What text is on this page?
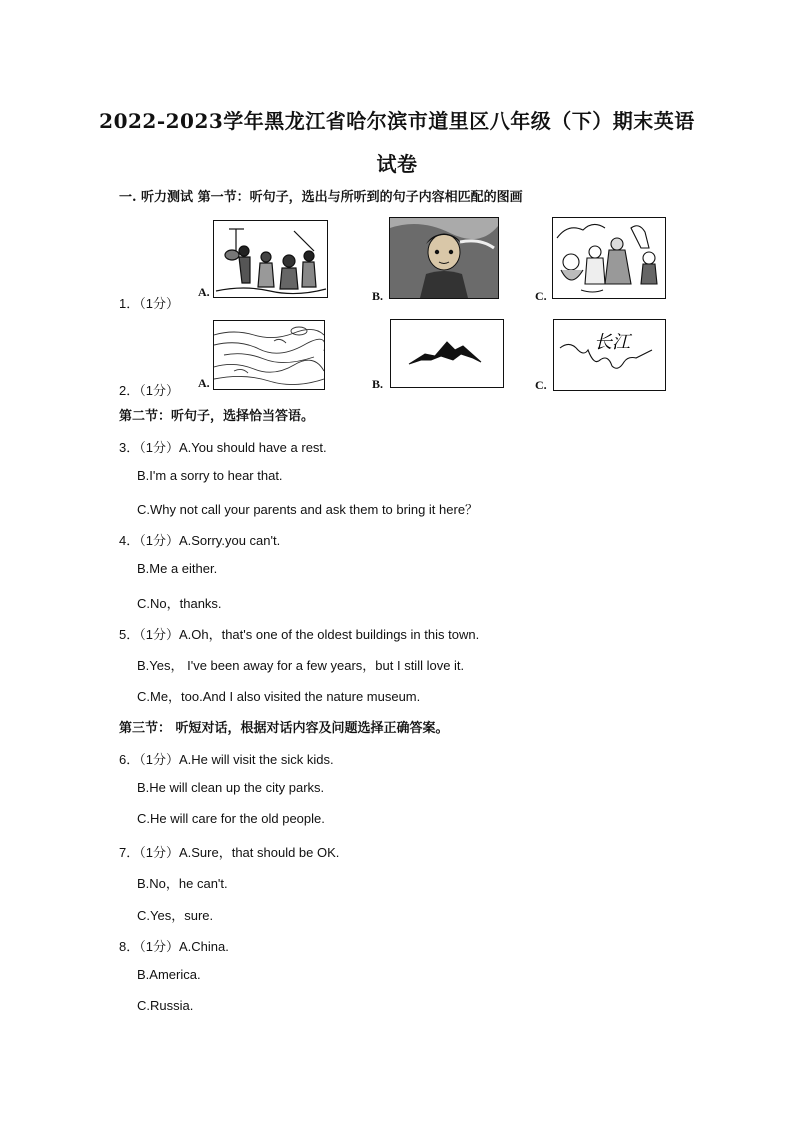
2022-2023学年黑龙江省哈尔滨市道里区八年级（下）期末英语
试卷
一. 听力测试 第一节：听句子，选出与所听到的句子内容相匹配的图画
1．（1分）
A.	B.	C.
2．（1分） A.	B.
长江
C.
第二节：听句子，选择恰当答语。
3．（1分）A.You should have a rest.
B.I'm a sorry to hear that.
C.Why not call your parents and ask them to bring it here？
4．（1分）A.Sorry.you can't.
B.Me a either.
C.No，thanks.
5．（1分）A.Oh，that's one of the oldest buildings in this town.
B.Yes， I've been away for a few years，but I still love it.
C.Me，too.And I also visited the nature museum.
第三节： 听短对话，根据对话内容及问题选择正确答案。
6．（1分）A.He will visit the sick kids.
B.He will clean up the city parks.
C.He will care for the old people.
7．（1分）A.Sure，that should be OK.
B.No，he can't.
C.Yes，sure.
8．（1分）A.China.
B.America.
C.Russia.
